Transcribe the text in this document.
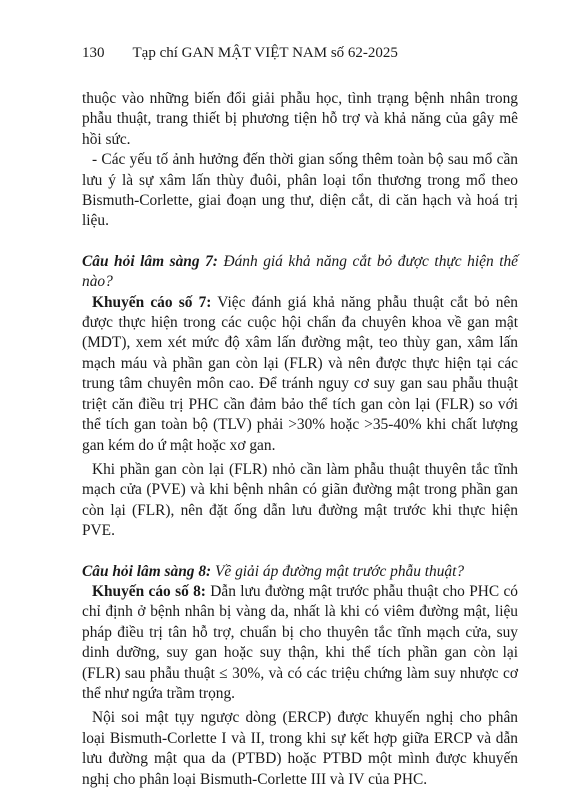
130 Tạp chí GAN MẬT VIỆT NAM số 62-2025

thuộc vào những biến đổi giải phẫu học, tình trạng bệnh nhân trong phẫu thuật, trang thiết bị phương tiện hỗ trợ và khả năng của gây mê hồi sức.

- Các yếu tố ảnh hưởng đến thời gian sống thêm toàn bộ sau mổ cần lưu ý là sự xâm lấn thùy đuôi, phân loại tổn thương trong mổ theo Bismuth-Corlette, giai đoạn ung thư, diện cắt, di căn hạch và hoá trị liệu.

Câu hỏi lâm sàng 7: Đánh giá khả năng cắt bỏ được thực hiện thế nào?

Khuyến cáo số 7: Việc đánh giá khả năng phẫu thuật cắt bỏ nên được thực hiện trong các cuộc hội chẩn đa chuyên khoa về gan mật (MDT), xem xét mức độ xâm lấn đường mật, teo thùy gan, xâm lấn mạch máu và phần gan còn lại (FLR) và nên được thực hiện tại các trung tâm chuyên môn cao. Để tránh nguy cơ suy gan sau phẫu thuật triệt căn điều trị PHC cần đảm bảo thể tích gan còn lại (FLR) so với thể tích gan toàn bộ (TLV) phải >30% hoặc >35-40% khi chất lượng gan kém do ứ mật hoặc xơ gan.

Khi phần gan còn lại (FLR) nhỏ cần làm phẫu thuật thuyên tắc tĩnh mạch cửa (PVE) và khi bệnh nhân có giãn đường mật trong phần gan còn lại (FLR), nên đặt ống dẫn lưu đường mật trước khi thực hiện PVE.

Câu hỏi lâm sàng 8: Về giải áp đường mật trước phẫu thuật?

Khuyến cáo số 8: Dẫn lưu đường mật trước phẫu thuật cho PHC có chỉ định ở bệnh nhân bị vàng da, nhất là khi có viêm đường mật, liệu pháp điều trị tân hỗ trợ, chuẩn bị cho thuyên tắc tĩnh mạch cửa, suy dinh dưỡng, suy gan hoặc suy thận, khi thể tích phần gan còn lại (FLR) sau phẫu thuật ≤ 30%, và có các triệu chứng làm suy nhược cơ thể như ngứa trầm trọng.

Nội soi mật tụy ngược dòng (ERCP) được khuyến nghị cho phân loại Bismuth-Corlette I và II, trong khi sự kết hợp giữa ERCP và dẫn lưu đường mật qua da (PTBD) hoặc PTBD một mình được khuyến nghị cho phân loại Bismuth-Corlette III và IV của PHC.
